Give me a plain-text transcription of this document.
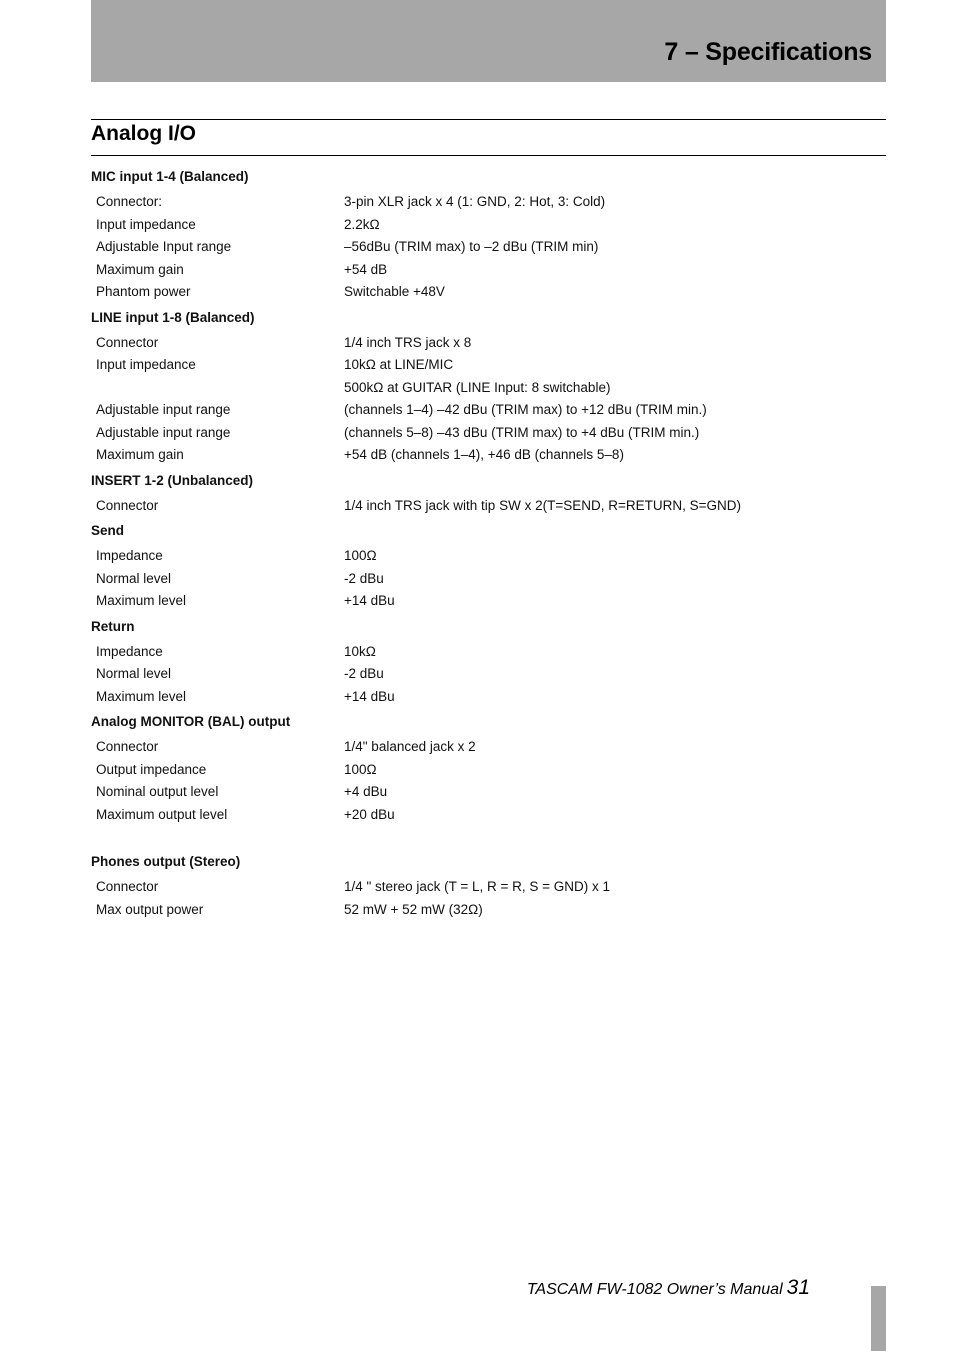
7 – Specifications
Analog I/O
MIC input 1-4 (Balanced)
Connector:	3-pin XLR jack x 4 (1: GND, 2: Hot, 3: Cold)
Input impedance	2.2kΩ
Adjustable Input range	–56dBu (TRIM max) to –2 dBu (TRIM min)
Maximum gain	+54 dB
Phantom power	Switchable +48V
LINE input 1-8 (Balanced)
Connector	1/4 inch TRS jack x 8
Input impedance	10kΩ at LINE/MIC
500kΩ at GUITAR (LINE Input: 8 switchable)
Adjustable input range	(channels 1–4) –42 dBu (TRIM max) to +12 dBu (TRIM min.)
Adjustable input range	(channels 5–8) –43 dBu (TRIM max) to +4 dBu (TRIM min.)
Maximum gain	+54 dB (channels 1–4), +46 dB (channels 5–8)
INSERT 1-2 (Unbalanced)
Connector	1/4 inch TRS jack with tip SW x 2(T=SEND, R=RETURN, S=GND)
Send
Impedance	100Ω
Normal level	-2 dBu
Maximum level	+14 dBu
Return
Impedance	10kΩ
Normal level	-2 dBu
Maximum level	+14 dBu
Analog MONITOR (BAL) output
Connector	1/4" balanced jack x 2
Output impedance	100Ω
Nominal output level	+4 dBu
Maximum output level	+20 dBu
Phones output (Stereo)
Connector	1/4 " stereo jack (T = L, R = R, S = GND) x 1
Max output power	52 mW + 52 mW (32Ω)
TASCAM FW-1082 Owner’s Manual 31
